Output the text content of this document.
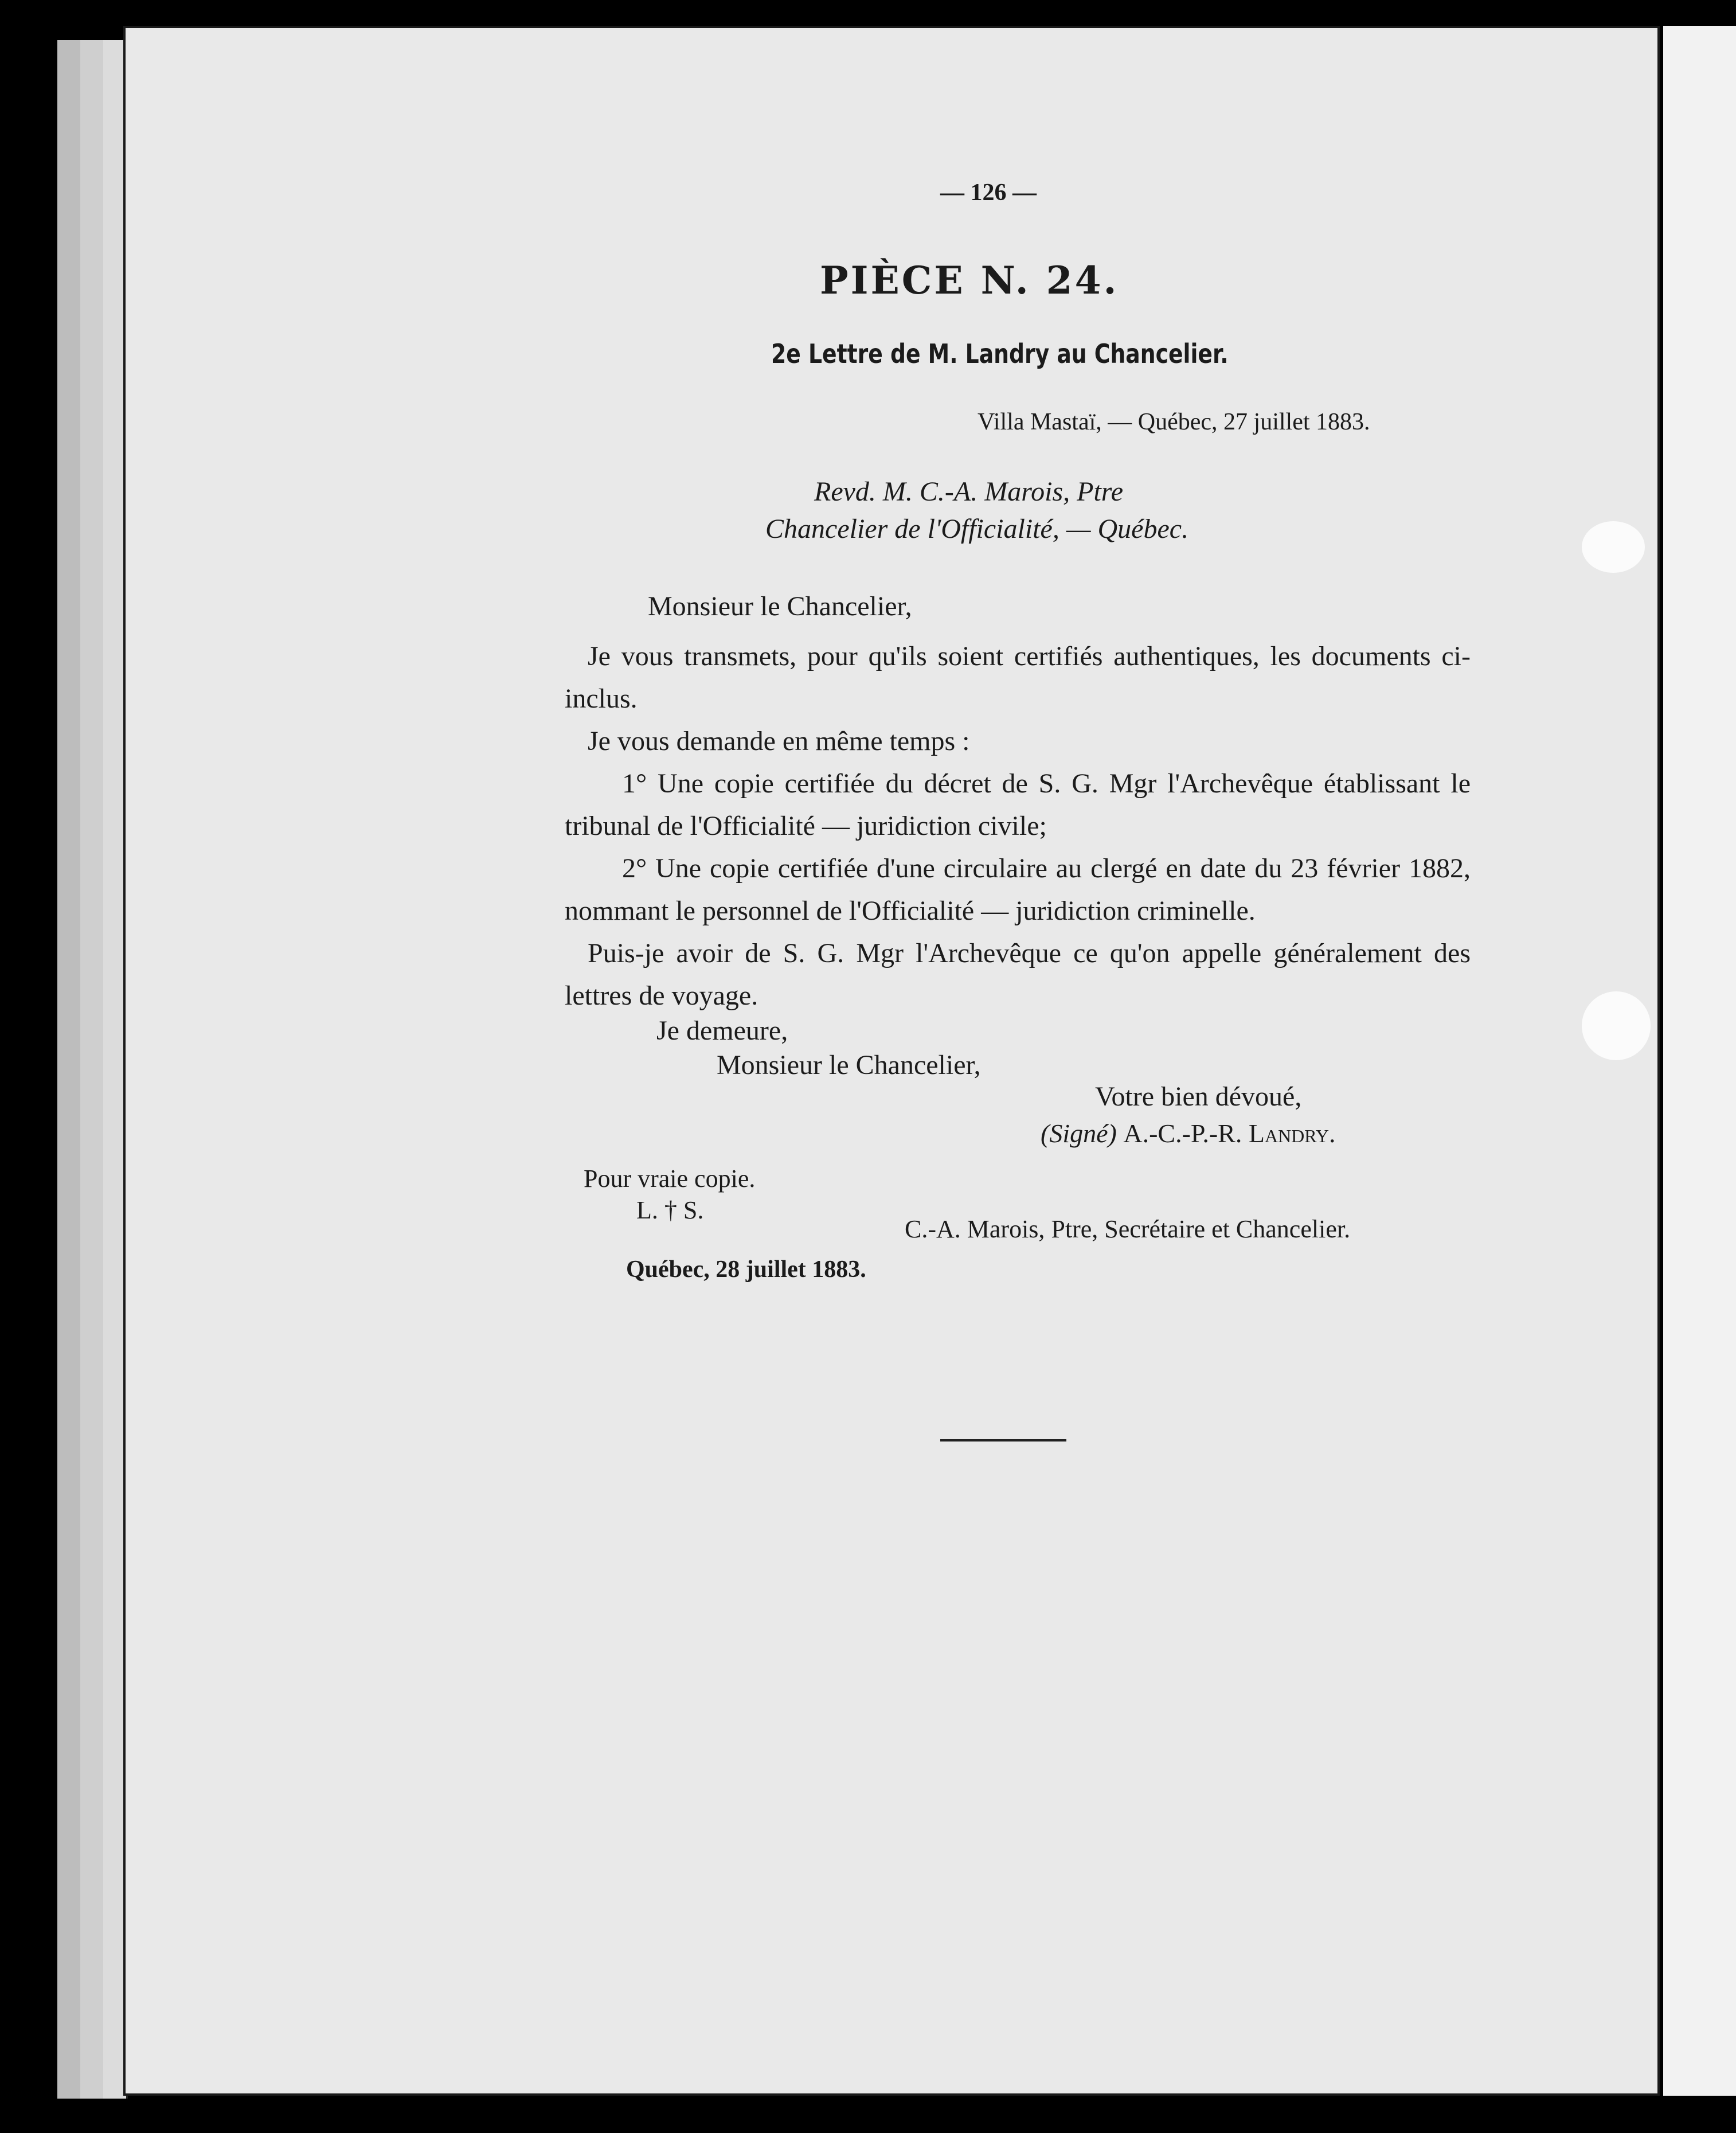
— 126 —
PIÈCE N. 24.
2e Lettre de M. Landry au Chancelier.
Villa Mastaï, — Québec, 27 juillet 1883.
Revd. M. C.-A. Marois, Ptre
Chancelier de l'Officialité, — Québec.
Monsieur le Chancelier,

Je vous transmets, pour qu'ils soient certifiés authentiques, les documents ci-inclus.

Je vous demande en même temps :

1° Une copie certifiée du décret de S. G. Mgr l'Archevêque établissant le tribunal de l'Officialité — juridiction civile;

2° Une copie certifiée d'une circulaire au clergé en date du 23 février 1882, nommant le personnel de l'Officialité — juridiction criminelle.

Puis-je avoir de S. G. Mgr l'Archevêque ce qu'on appelle généralement des lettres de voyage.

Je demeure,
Monsieur le Chancelier,
Votre bien dévoué,
(Signé) A.-C.-P.-R. Landry.
Pour vraie copie.
L. † S.
C.-A. Marois, Ptre, Secrétaire et Chancelier.
Québec, 28 juillet 1883.
